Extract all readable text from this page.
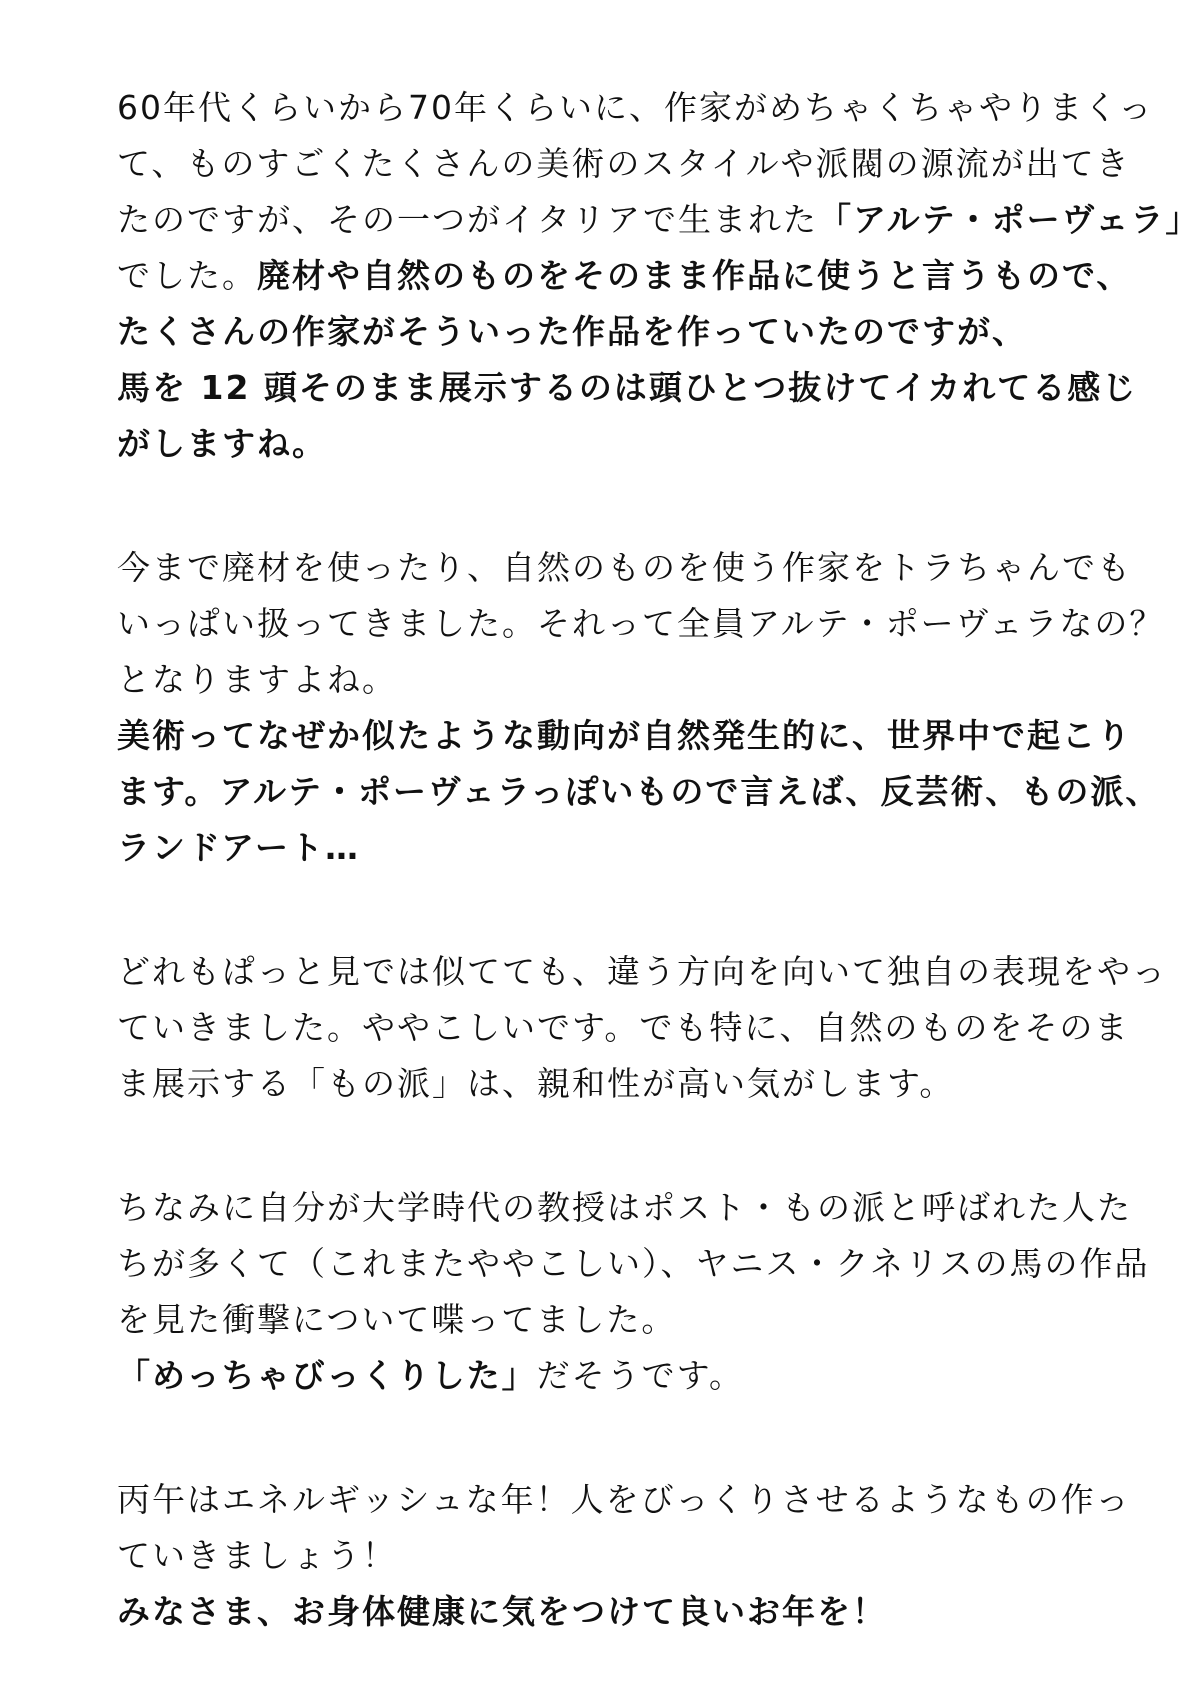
60年代くらいから70年くらいに、作家がめちゃくちゃやりまくっ
て、ものすごくたくさんの美術のスタイルや派閥の源流が出てき
たのですが、その一つがイタリアで生まれた「アルテ・ポーヴェラ」
でした。廃材や自然のものをそのまま作品に使うと言うもので、
たくさんの作家がそういった作品を作っていたのですが、
馬を 12 頭そのまま展示するのは頭ひとつ抜けてイカれてる感じ
がしますね。
今まで廃材を使ったり、自然のものを使う作家をトラちゃんでも
いっぱい扱ってきました。それって全員アルテ・ポーヴェラなの？
となりますよね。
美術ってなぜか似たような動向が自然発生的に、世界中で起こり
ます。アルテ・ポーヴェラっぽいもので言えば、反芸術、もの派、
ランドアート…
どれもぱっと見では似てても、違う方向を向いて独自の表現をやっ
ていきました。ややこしいです。でも特に、自然のものをそのま
ま展示する「もの派」は、親和性が高い気がします。
ちなみに自分が大学時代の教授はポスト・もの派と呼ばれた人た
ちが多くて（これまたややこしい）、ヤニス・クネリスの馬の作品
を見た衝撃について喋ってました。
「めっちゃびっくりした」だそうです。
丙午はエネルギッシュな年！人をびっくりさせるようなもの作っ
ていきましょう！
みなさま、お身体健康に気をつけて良いお年を！
